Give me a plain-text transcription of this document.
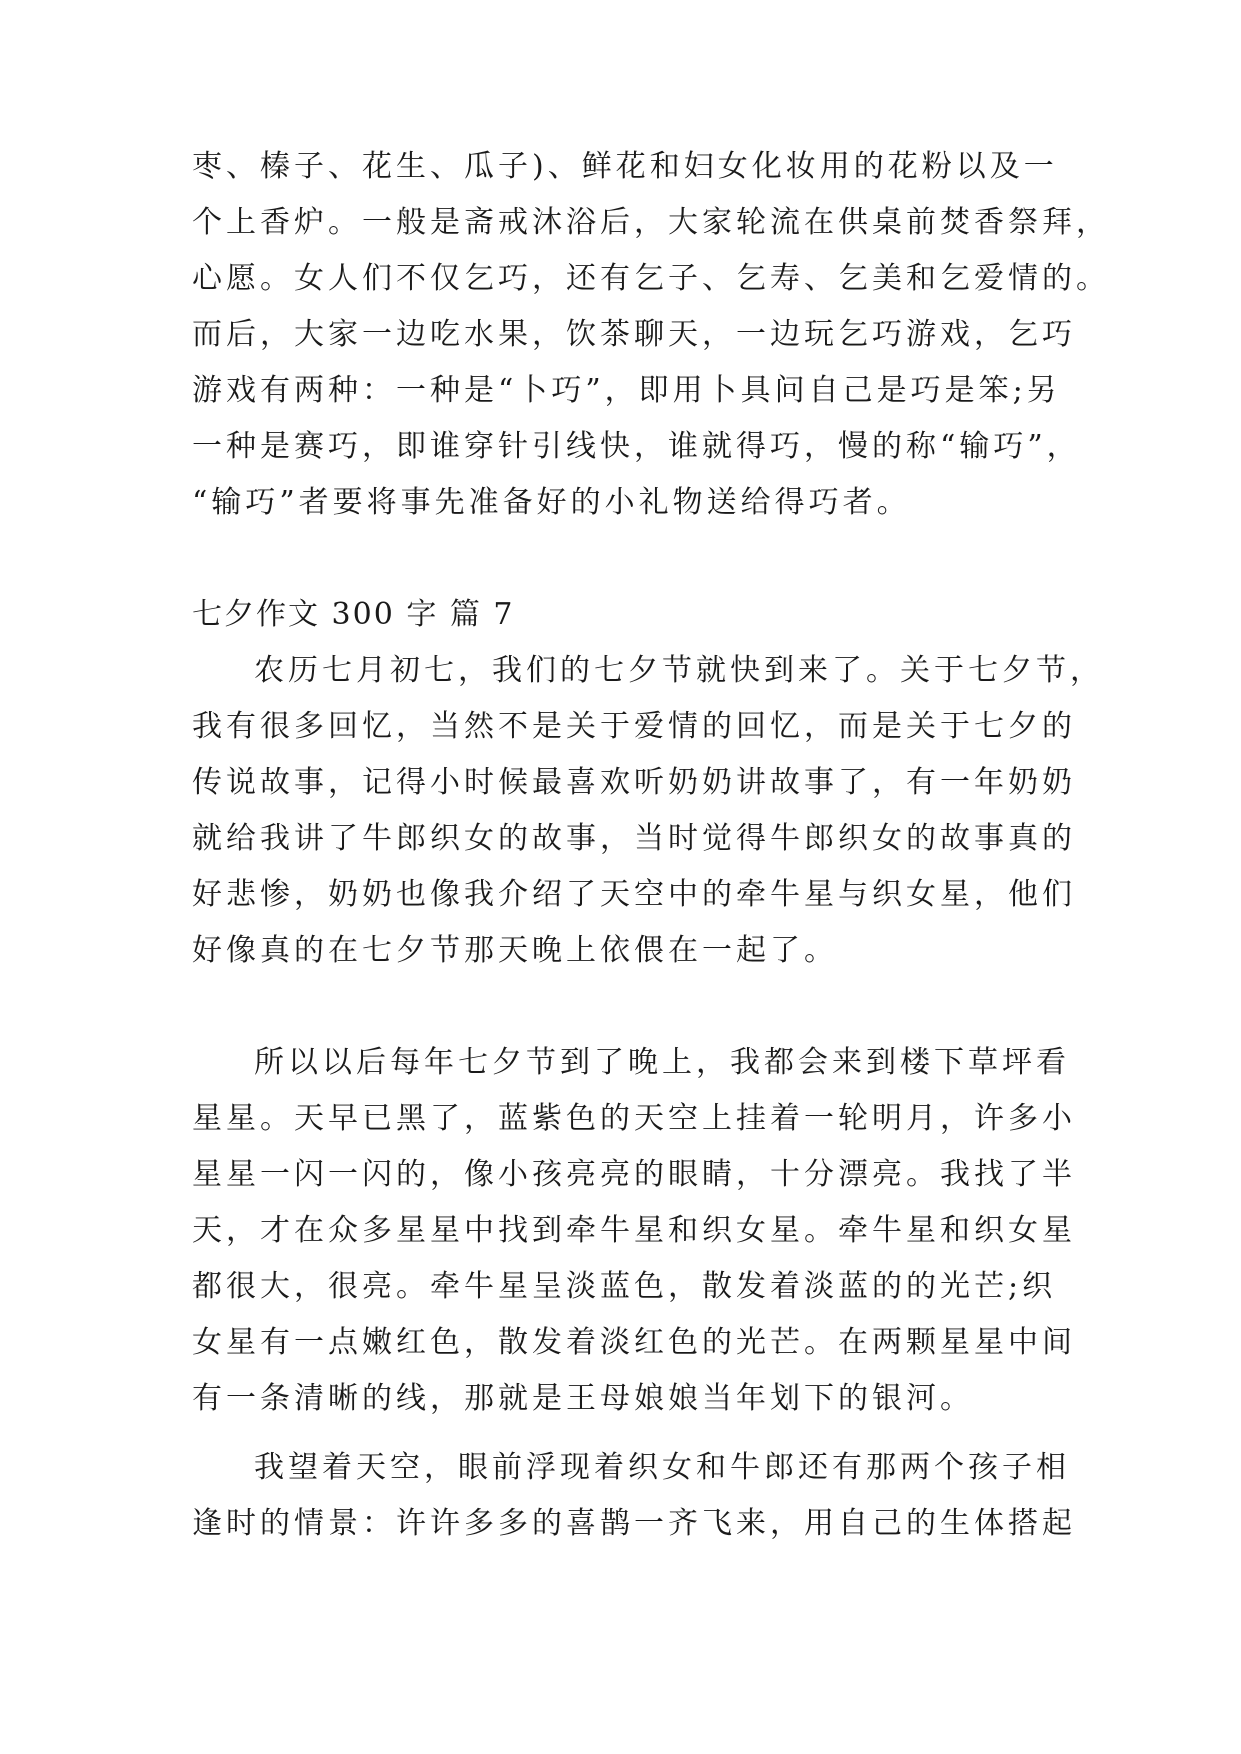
枣、榛子、花生、瓜子)、鲜花和妇女化妆用的花粉以及一
个上香炉。一般是斋戒沐浴后，大家轮流在供桌前焚香祭拜，
心愿。女人们不仅乞巧，还有乞子、乞寿、乞美和乞爱情的。
而后，大家一边吃水果，饮茶聊天，一边玩乞巧游戏，乞巧
游戏有两种：一种是“卜巧”，即用卜具问自己是巧是笨;另
一种是赛巧，即谁穿针引线快，谁就得巧，慢的称“输巧”，
“输巧”者要将事先准备好的小礼物送给得巧者。
七夕作文 300 字 篇 7
农历七月初七，我们的七夕节就快到来了。关于七夕节，
我有很多回忆，当然不是关于爱情的回忆，而是关于七夕的
传说故事，记得小时候最喜欢听奶奶讲故事了，有一年奶奶
就给我讲了牛郎织女的故事，当时觉得牛郎织女的故事真的
好悲惨，奶奶也像我介绍了天空中的牵牛星与织女星，他们
好像真的在七夕节那天晚上依偎在一起了。
所以以后每年七夕节到了晚上，我都会来到楼下草坪看
星星。天早已黑了，蓝紫色的天空上挂着一轮明月，许多小
星星一闪一闪的，像小孩亮亮的眼睛，十分漂亮。我找了半
天，才在众多星星中找到牵牛星和织女星。牵牛星和织女星
都很大，很亮。牵牛星呈淡蓝色，散发着淡蓝的的光芒;织
女星有一点嫩红色，散发着淡红色的光芒。在两颗星星中间
有一条清晰的线，那就是王母娘娘当年划下的银河。
我望着天空，眼前浮现着织女和牛郎还有那两个孩子相
逢时的情景：许许多多的喜鹊一齐飞来，用自己的生体搭起
